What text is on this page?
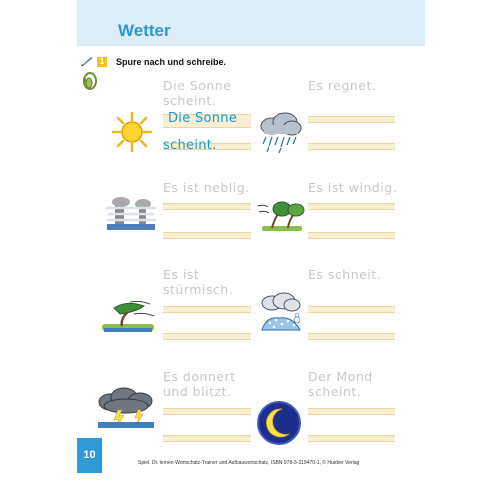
Wetter
1	Spure nach und schreibe.
Die Sonne
scheint.
Die Sonne
scheint.
Es regnet.
Es ist neblig.	Es ist windig.
Es ist
stürmisch.
Es schneit.
Es donnert
und blitzt.
Der Mond
scheint.
10
Spiel. Dt. lernen-Wortschatz-Trainer und Aufbauwortschatz, ISBN 978-3-319470-1, © Hueber Verlag
